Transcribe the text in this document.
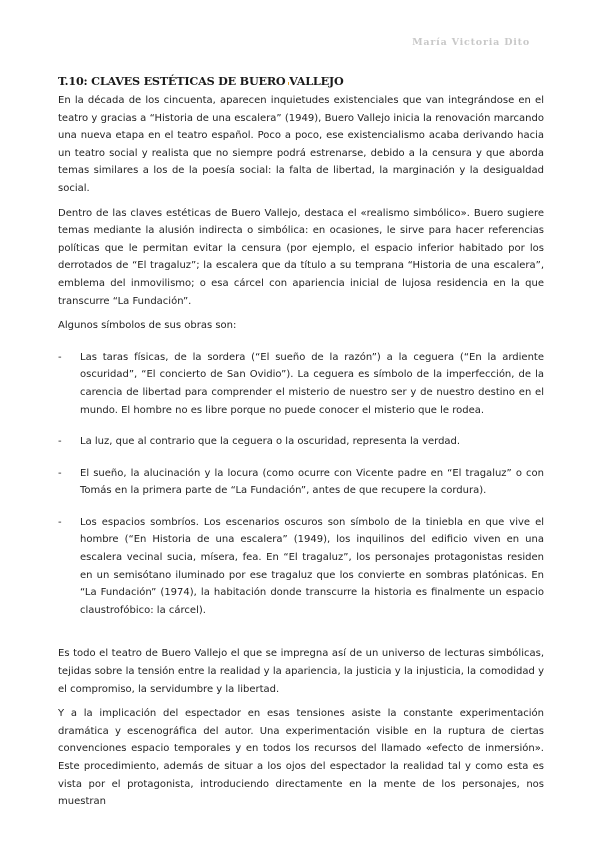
María Victoria Dito

T.10: CLAVES ESTÉTICAS DE BUERO VALLEJO

En la década de los cincuenta, aparecen inquietudes existenciales que van integrándose en el teatro y gracias a “Historia de una escalera” (1949), Buero Vallejo inicia la renovación marcando una nueva etapa en el teatro español. Poco a poco, ese existencialismo acaba derivando hacia un teatro social y realista que no siempre podrá estrenarse, debido a la censura y que aborda temas similares a los de la poesía social: la falta de libertad, la marginación y la desigualdad social.

Dentro de las claves estéticas de Buero Vallejo, destaca el «realismo simbólico». Buero sugiere temas mediante la alusión indirecta o simbólica: en ocasiones, le sirve para hacer referencias políticas que le permitan evitar la censura (por ejemplo, el espacio inferior habitado por los derrotados de “El tragaluz”; la escalera que da título a su temprana “Historia de una escalera”, emblema del inmovilismo; o esa cárcel con apariencia inicial de lujosa residencia en la que transcurre “La Fundación”.

Algunos símbolos de sus obras son:

-	Las taras físicas, de la sordera (“El sueño de la razón”) a la ceguera (“En la ardiente oscuridad”, “El concierto de San Ovidio”). La ceguera es símbolo de la imperfección, de la carencia de libertad para comprender el misterio de nuestro ser y de nuestro destino en el mundo. El hombre no es libre porque no puede conocer el misterio que le rodea.

-	La luz, que al contrario que la ceguera o la oscuridad, representa la verdad.

-	El sueño, la alucinación y la locura (como ocurre con Vicente padre en “El tragaluz” o con Tomás en la primera parte de “La Fundación”, antes de que recupere la cordura).

-	Los espacios sombríos. Los escenarios oscuros son símbolo de la tiniebla en que vive el hombre (“En Historia de una escalera” (1949), los inquilinos del edificio viven en una escalera vecinal sucia, mísera, fea. En “El tragaluz”, los personajes protagonistas residen en un semisótano iluminado por ese tragaluz que los convierte en sombras platónicas. En “La Fundación” (1974), la habitación donde transcurre la historia es finalmente un espacio claustrofóbico: la cárcel).

Es todo el teatro de Buero Vallejo el que se impregna así de un universo de lecturas simbólicas, tejidas sobre la tensión entre la realidad y la apariencia, la justicia y la injusticia, la comodidad y el compromiso, la servidumbre y la libertad.

Y a la implicación del espectador en esas tensiones asiste la constante experimentación dramática y escenográfica del autor. Una experimentación visible en la ruptura de ciertas convenciones espacio temporales y en todos los recursos del llamado «efecto de inmersión». Este procedimiento, además de situar a los ojos del espectador la realidad tal y como esta es vista por el protagonista, introduciendo directamente en la mente de los personajes, nos muestran
